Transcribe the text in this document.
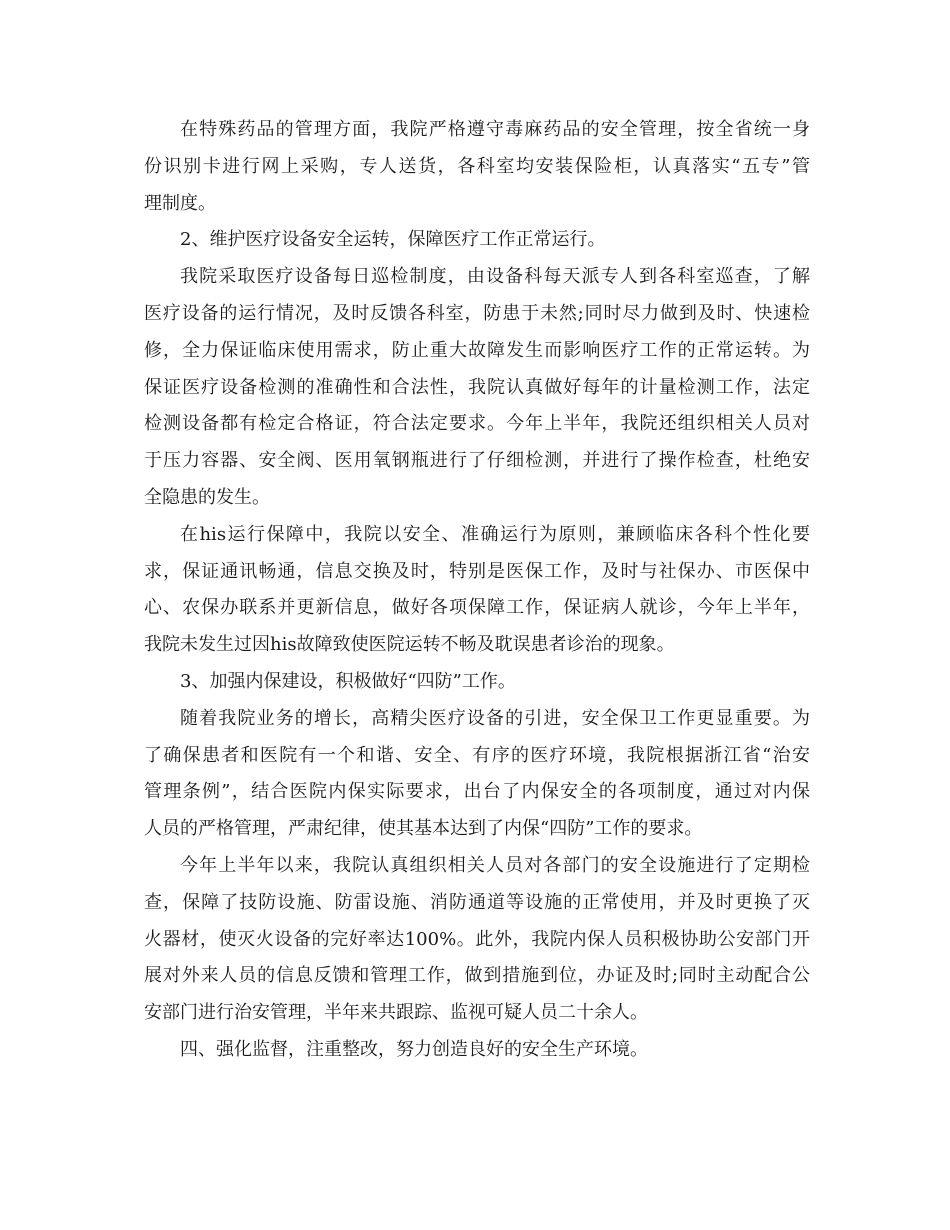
在特殊药品的管理方面，我院严格遵守毒麻药品的安全管理，按全省统一身
份识别卡进行网上采购，专人送货，各科室均安装保险柜，认真落实“五专”管
理制度。
2、维护医疗设备安全运转，保障医疗工作正常运行。
我院采取医疗设备每日巡检制度，由设备科每天派专人到各科室巡查，了解
医疗设备的运行情况，及时反馈各科室，防患于未然;同时尽力做到及时、快速检
修，全力保证临床使用需求，防止重大故障发生而影响医疗工作的正常运转。为
保证医疗设备检测的准确性和合法性，我院认真做好每年的计量检测工作，法定
检测设备都有检定合格证，符合法定要求。今年上半年，我院还组织相关人员对
于压力容器、安全阀、医用氧钢瓶进行了仔细检测，并进行了操作检查，杜绝安
全隐患的发生。
在his运行保障中，我院以安全、准确运行为原则，兼顾临床各科个性化要
求，保证通讯畅通，信息交换及时，特别是医保工作，及时与社保办、市医保中
心、农保办联系并更新信息，做好各项保障工作，保证病人就诊，今年上半年，
我院未发生过因his故障致使医院运转不畅及耽误患者诊治的现象。
3、加强内保建设，积极做好“四防”工作。
随着我院业务的增长，高精尖医疗设备的引进，安全保卫工作更显重要。为
了确保患者和医院有一个和谐、安全、有序的医疗环境，我院根据浙江省“治安
管理条例”，结合医院内保实际要求，出台了内保安全的各项制度，通过对内保
人员的严格管理，严肃纪律，使其基本达到了内保“四防”工作的要求。
今年上半年以来，我院认真组织相关人员对各部门的安全设施进行了定期检
查，保障了技防设施、防雷设施、消防通道等设施的正常使用，并及时更换了灭
火器材，使灭火设备的完好率达100%。此外，我院内保人员积极协助公安部门开
展对外来人员的信息反馈和管理工作，做到措施到位，办证及时;同时主动配合公
安部门进行治安管理，半年来共跟踪、监视可疑人员二十余人。
四、强化监督，注重整改，努力创造良好的安全生产环境。
